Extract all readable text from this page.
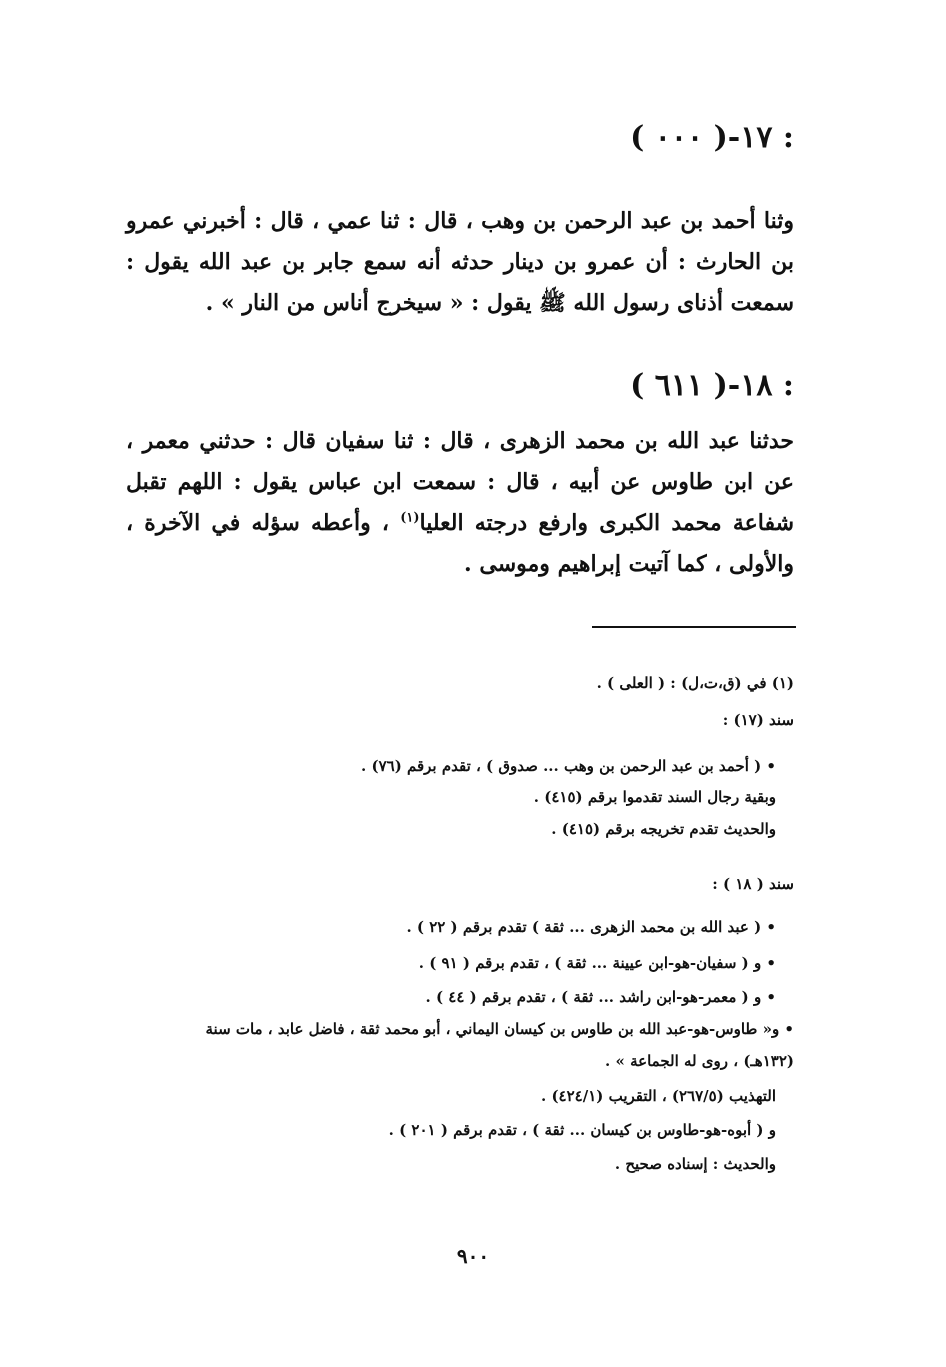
١٧-( ٠٠٠ ) :
وثنا أحمد بن عبد الرحمن بن وهب ، قال : ثنا عمي ، قال : أخبرني عمرو بن الحارث : أن عمرو بن دينار حدثه أنه سمع جابر بن عبد الله يقول : سمعت أذناى رسول الله ﷺ يقول : « سيخرج أناس من النار » .
١٨-( ٦١١ ) :
حدثنا عبد الله بن محمد الزهرى ، قال : ثنا سفيان قال : حدثني معمر ، عن ابن طاوس عن أبيه ، قال : سمعت ابن عباس يقول : اللهم تقبل شفاعة محمد الكبرى وارفع درجته العليا$^{(١)}$ ، وأعطه سؤله في الآخرة ، والأولى ، كما آتيت إبراهيم وموسى .
(١) في (ق،ت،ل) : ( العلى ) .
سند (١٧) :
• ( أحمد بن عبد الرحمن بن وهب ... صدوق ) ، تقدم برقم (٧٦) .
وبقية رجال السند تقدموا برقم (٤١٥) .
والحديث تقدم تخريجه برقم (٤١٥) .
سند ( ١٨ ) :
• ( عبد الله بن محمد الزهرى ... ثقة ) تقدم برقم ( ٢٢ ) .
• و ( سفيان-هو-ابن عيينة ... ثقة ) ، تقدم برقم ( ٩١ ) .
• و ( معمر-هو-ابن راشد ... ثقة ) ، تقدم برقم ( ٤٤ ) .
• و« طاوس-هو-عبد الله بن طاوس بن كيسان اليماني ، أبو محمد ثقة ، فاضل عابد ، مات سنة
(١٣٢هـ) ، روى له الجماعة » .
التهذيب (٢٦٧/٥) ، التقريب (٤٢٤/١) .
و ( أبوه-هو-طاوس بن كيسان ... ثقة ) ، تقدم برقم ( ٢٠١ ) .
والحديث : إسناده صحيح .
٩٠٠
